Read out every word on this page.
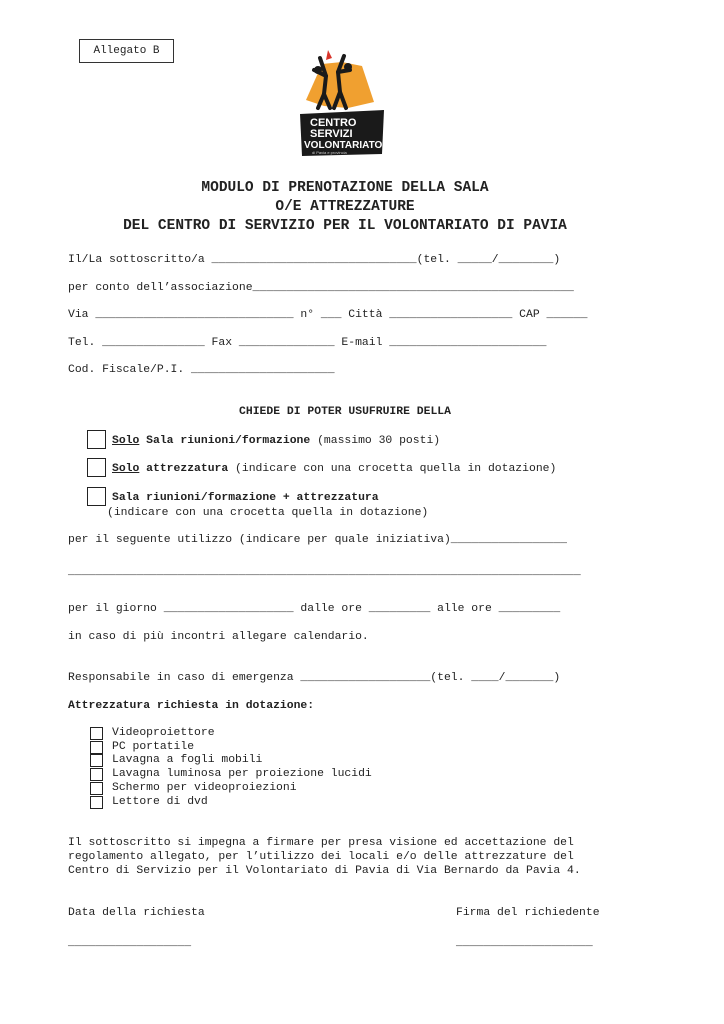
Allegato B
CENTRO
SERVIZI
VOLONTARIATO
di Pavia e provincia
MODULO DI PRENOTAZIONE DELLA SALA
O/E ATTREZZATURE
DEL CENTRO DI SERVIZIO PER IL VOLONTARIATO DI PAVIA
Il/La sottoscritto/a ______________________________(tel. _____/________)
per conto dell’associazione_______________________________________________
Via _____________________________ n° ___ Città __________________ CAP ______
Tel. _______________ Fax ______________ E-mail _______________________
Cod. Fiscale/P.I. _____________________
CHIEDE DI POTER USUFRUIRE DELLA
Solo Sala riunioni/formazione (massimo 30 posti)
Solo attrezzatura (indicare con una crocetta quella in dotazione)
Sala riunioni/formazione + attrezzatura
(indicare con una crocetta quella in dotazione)
per il seguente utilizzo (indicare per quale iniziativa)_________________
___________________________________________________________________________
per il giorno ___________________ dalle ore _________ alle ore _________
in caso di più incontri allegare calendario.
Responsabile in caso di emergenza ___________________(tel. ____/_______)
Attrezzatura richiesta in dotazione:
Videoproiettore
PC portatile
Lavagna a fogli mobili
Lavagna luminosa per proiezione lucidi
Schermo per videoproiezioni
Lettore di dvd
Il sottoscritto si impegna a firmare per presa visione ed accettazione del
regolamento allegato, per l’utilizzo dei locali e/o delle attrezzature del
Centro di Servizio per il Volontariato di Pavia di Via Bernardo da Pavia 4.
Data della richiesta	Firma del richiedente
__________________	____________________
